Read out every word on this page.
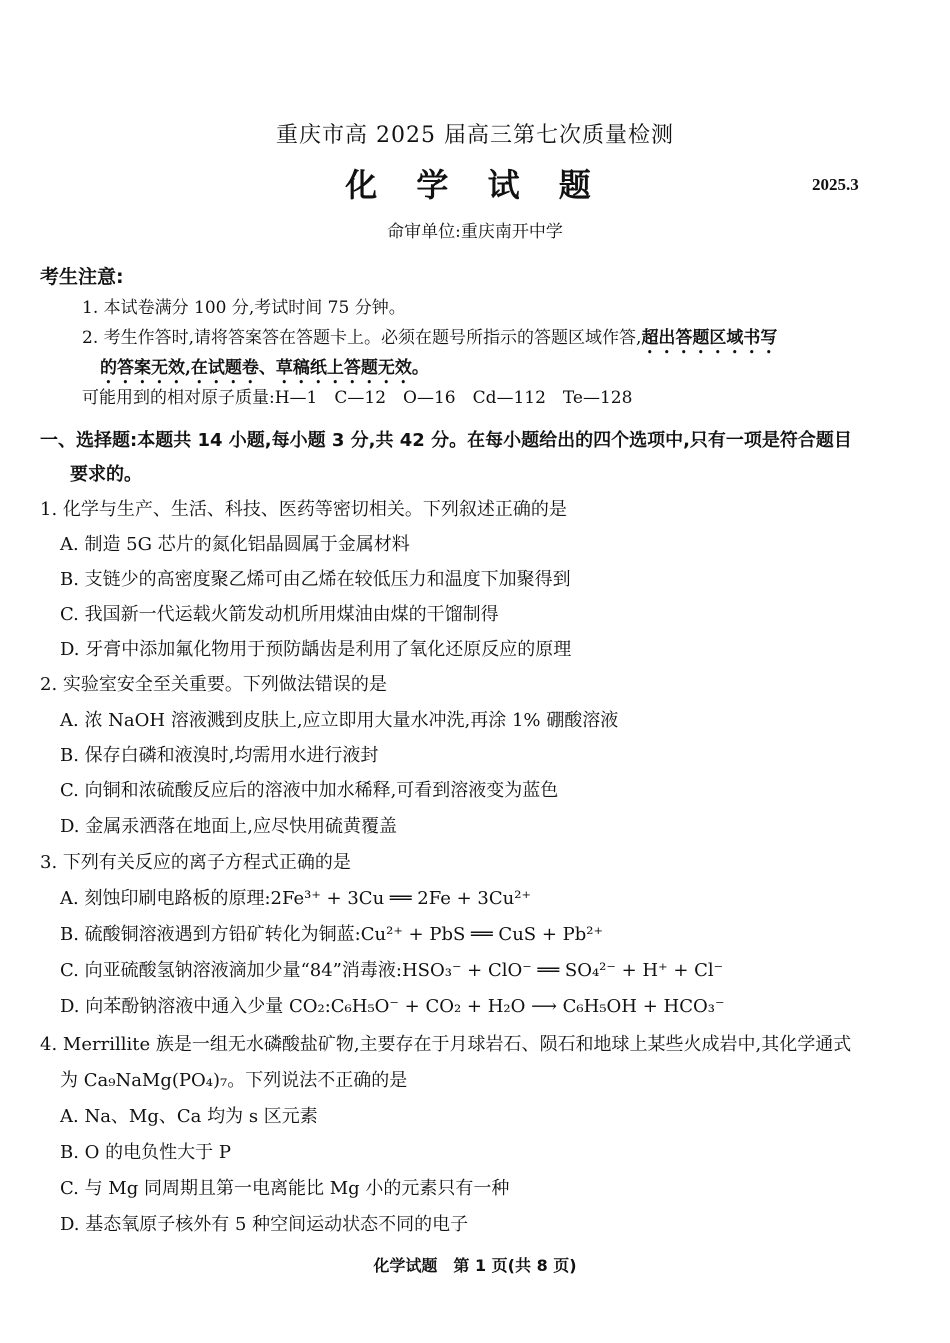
重庆市高 2025 届高三第七次质量检测
化 学 试 题	2025.3
命审单位:重庆南开中学
考生注意:
1. 本试卷满分 100 分,考试时间 75 分钟。
2. 考生作答时,请将答案答在答题卡上。必须在题号所指示的答题区域作答,超出答题区域书写
的答案无效,在试题卷、草稿纸上答题无效。
可能用到的相对原子质量:H—1　C—12　O—16　Cd—112　Te—128
一、选择题:本题共 14 小题,每小题 3 分,共 42 分。在每小题给出的四个选项中,只有一项是符合题目
要求的。
1. 化学与生产、生活、科技、医药等密切相关。下列叙述正确的是
A. 制造 5G 芯片的氮化铝晶圆属于金属材料
B. 支链少的高密度聚乙烯可由乙烯在较低压力和温度下加聚得到
C. 我国新一代运载火箭发动机所用煤油由煤的干馏制得
D. 牙膏中添加氟化物用于预防龋齿是利用了氧化还原反应的原理
2. 实验室安全至关重要。下列做法错误的是
A. 浓 NaOH 溶液溅到皮肤上,应立即用大量水冲洗,再涂 1% 硼酸溶液
B. 保存白磷和液溴时,均需用水进行液封
C. 向铜和浓硫酸反应后的溶液中加水稀释,可看到溶液变为蓝色
D. 金属汞洒落在地面上,应尽快用硫黄覆盖
3. 下列有关反应的离子方程式正确的是
A. 刻蚀印刷电路板的原理:2Fe³⁺ + 3Cu ══ 2Fe + 3Cu²⁺
B. 硫酸铜溶液遇到方铅矿转化为铜蓝:Cu²⁺ + PbS ══ CuS + Pb²⁺
C. 向亚硫酸氢钠溶液滴加少量“84”消毒液:HSO₃⁻ + ClO⁻ ══ SO₄²⁻ + H⁺ + Cl⁻
D. 向苯酚钠溶液中通入少量 CO₂:C₆H₅O⁻ + CO₂ + H₂O ⟶ C₆H₅OH + HCO₃⁻
4. Merrillite 族是一组无水磷酸盐矿物,主要存在于月球岩石、陨石和地球上某些火成岩中,其化学通式
为 Ca₉NaMg(PO₄)₇。下列说法不正确的是
A. Na、Mg、Ca 均为 s 区元素
B. O 的电负性大于 P
C. 与 Mg 同周期且第一电离能比 Mg 小的元素只有一种
D. 基态氧原子核外有 5 种空间运动状态不同的电子
化学试题　第 1 页(共 8 页)
